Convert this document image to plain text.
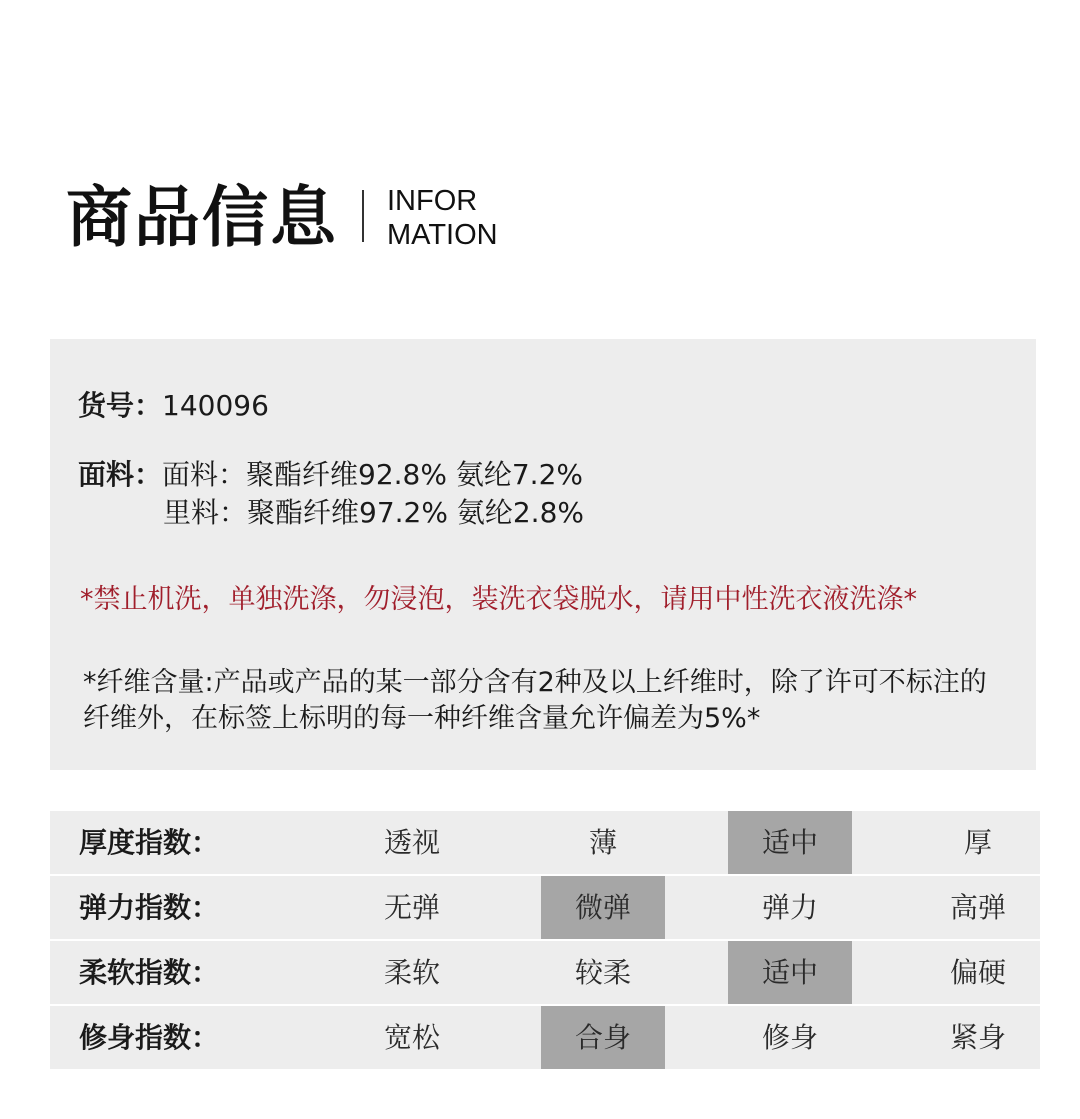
商品信息 INFOR
MATION
货号：140096
面料：面料：聚酯纤维92.8% 氨纶7.2%
里料：聚酯纤维97.2% 氨纶2.8%
*禁止机洗，单独洗涤，勿浸泡，装洗衣袋脱水，请用中性洗衣液洗涤*
*纤维含量:产品或产品的某一部分含有2种及以上纤维时，除了许可不标注的纤维外，在标签上标明的每一种纤维含量允许偏差为5%*
厚度指数：	透视	薄	适中	厚
弹力指数：	无弹	微弹	弹力	高弹
柔软指数：	柔软	较柔	适中	偏硬
修身指数：	宽松	合身	修身	紧身
